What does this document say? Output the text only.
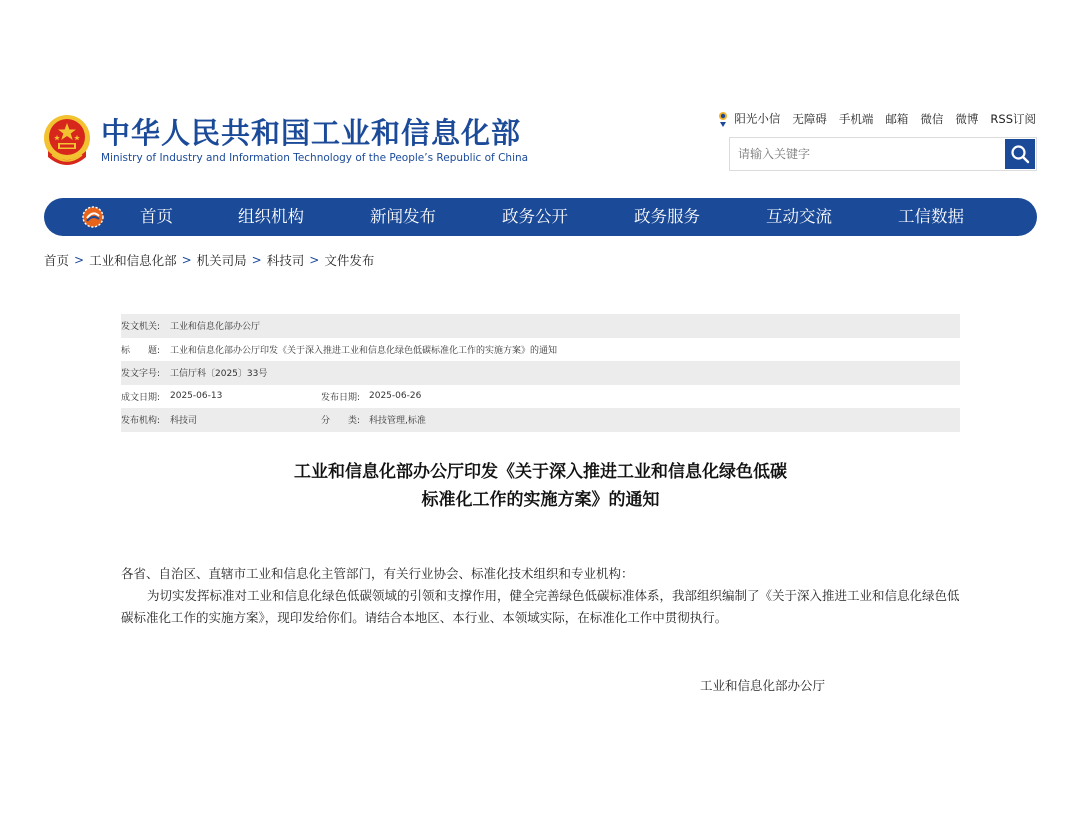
中华人民共和国工业和信息化部
Ministry of Industry and Information Technology of the People’s Republic of China
阳光小信 无障碍 手机端 邮箱 微信 微博 RSS订阅
请输入关键字
首页	组织机构	新闻发布	政务公开	政务服务	互动交流	工信数据
首页 > 工业和信息化部 > 机关司局 > 科技司 > 文件发布
发文机关: 工业和信息化部办公厅
标　　题: 工业和信息化部办公厅印发《关于深入推进工业和信息化绿色低碳标准化工作的实施方案》的通知
发文字号: 工信厅科〔2025〕33号
成文日期: 2025-06-13	发布日期: 2025-06-26
发布机构: 科技司	分　　类: 科技管理,标准
工业和信息化部办公厅印发《关于深入推进工业和信息化绿色低碳
标准化工作的实施方案》的通知
各省、自治区、直辖市工业和信息化主管部门，有关行业协会、标准化技术组织和专业机构：
为切实发挥标准对工业和信息化绿色低碳领域的引领和支撑作用，健全完善绿色低碳标准体系，我部组织编制了《关于深入推进工业和信息化绿色低碳标准化工作的实施方案》，现印发给你们。请结合本地区、本行业、本领域实际，在标准化工作中贯彻执行。
工业和信息化部办公厅
